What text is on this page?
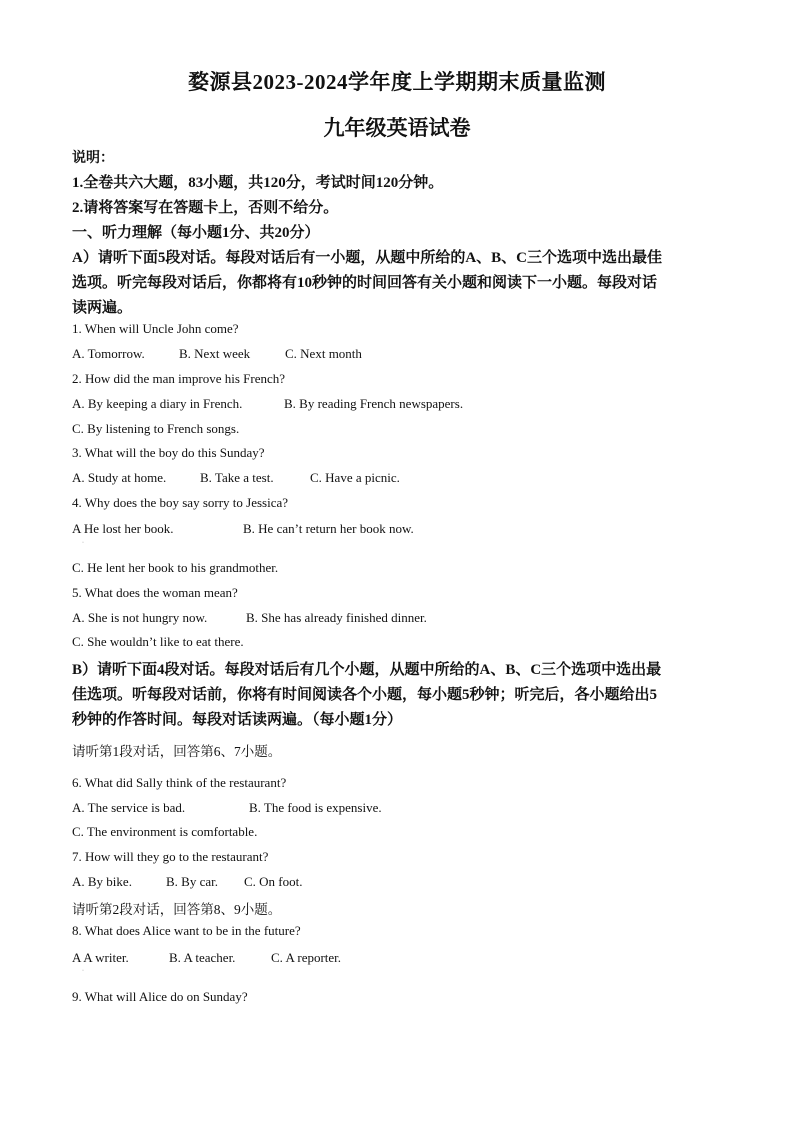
婺源县2023-2024学年度上学期期末质量监测
九年级英语试卷
说明：
1.全卷共六大题，83小题，共120分，考试时间120分钟。
2.请将答案写在答题卡上，否则不给分。
一、听力理解（每小题1分、共20分）
A）请听下面5段对话。每段对话后有一小题，从题中所给的A、B、C三个选项中选出最佳
选项。听完每段对话后，你都将有10秒钟的时间回答有关小题和阅读下一小题。每段对话
读两遍。
1. When will Uncle John come?
A. Tomorrow.	B. Next week	C. Next month
2. How did the man improve his French?
A. By keeping a diary in French.	B. By reading French newspapers.
C. By listening to French songs.
3. What will the boy do this Sunday?
A. Study at home.	B. Take a test.	C. Have a picnic.
4. Why does the boy say sorry to Jessica?
A He lost her book.	B. He can’t return her book now.
·
C. He lent her book to his grandmother.
5. What does the woman mean?
A. She is not hungry now.	B. She has already finished dinner.
C. She wouldn’t like to eat there.
B）请听下面4段对话。每段对话后有几个小题，从题中所给的A、B、C三个选项中选出最
佳选项。听每段对话前，你将有时间阅读各个小题，每小题5秒钟；听完后，各小题给出5
秒钟的作答时间。每段对话读两遍。（每小题1分）
请听第1段对话，回答第6、7小题。
6. What did Sally think of the restaurant?
A. The service is bad.	B. The food is expensive.
C. The environment is comfortable.
7. How will they go to the restaurant?
A. By bike.	B. By car. C. On foot.
请听第2段对话，回答第8、9小题。
8. What does Alice want to be in the future?
A A writer.	B. A teacher.	C. A reporter.
·
9. What will Alice do on Sunday?
